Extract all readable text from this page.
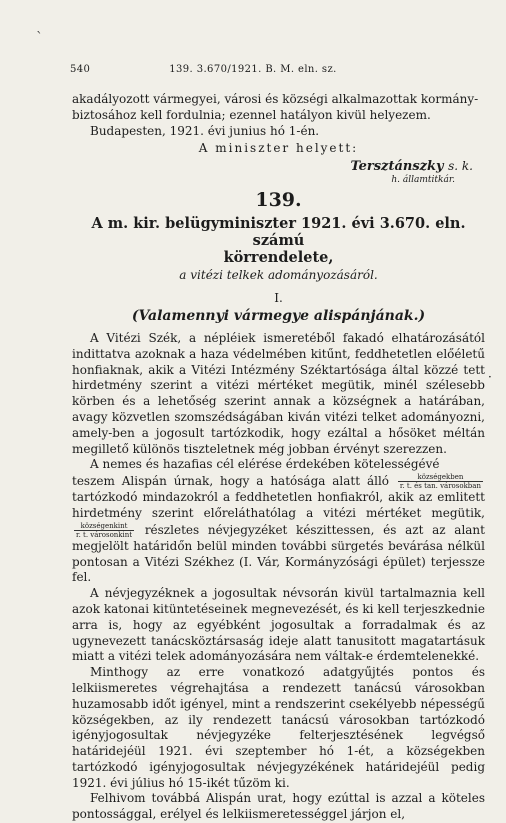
`
540	139. 3.670/1921. B. M. eln. sz.

akadályozott vármegyei, városi és községi alkalmazottak kormány-

biztosához kell fordulnia; ezennel hatályon kivül helyezem.

Budapesten, 1921. évi junius hó 1-én.

A miniszter helyett:

Tersztánszky s. k.

h. államtitkár.

139.

A m. kir. belügyminiszter 1921. évi 3.670. eln. számú

körrendelete,

a vitézi telkek adományozásáról.

I.

(Valamennyi vármegye alispánjának.)

A Vitézi Szék, a népléiek ismeretéből fakadó elhatározásától indittatva azoknak a haza védelmében kitűnt, feddhetetlen előéletű honfiaknak, akik a Vitézi Intézmény Széktartósága által közzé tett hirdetmény szerint a vitézi mértéket megütik, minél szélesebb körben és a lehetőség szerint annak a községnek a határában, avagy közvetlen szomszédságában kiván vitézi telket adományozni, amely-ben a jogosult tartózkodik, hogy ezáltal a hősöket méltán megillető különös tiszteletnek még jobban érvényt szerezzen.

A nemes és hazafias cél elérése érdekében kötelességévé

teszem Alispán úrnak, hogy a hatósága alatt álló	községekben
r. t. és tan. városokban
tartózkodó mindazokról a feddhetetlen honfiakról, akik az emlitett hirdetmény szerint előreláthatólag a vitézi mértéket megütik,
községenkint
r. t. városonkint részletes névjegyzéket készittessen, és azt az alant megjelölt határidőn belül minden további sürgetés bevárása nélkül pontosan a Vitézi Székhez (I. Vár, Kormányzósági épület) terjessze fel.

A névjegyzéknek a jogosultak névsorán kivül tartalmaznia kell azok katonai kitüntetéseinek megnevezését, és ki kell terjeszkednie arra is, hogy az egyébként jogosultak a forradalmak és az ugynevezett tanácsköztársaság ideje alatt tanusitott magatartásuk miatt a vitézi telek adományozására nem váltak-e érdemtelenekké.

Minthogy az erre vonatkozó adatgyűjtés pontos és lelkiismeretes végrehajtása a rendezett tanácsú városokban huzamosabb időt igényel, mint a rendszerint csekélyebb népességű községekben, az ily rendezett tanácsú városokban tartózkodó igényjogosultak névjegyzéke felterjesztésének legvégső határidejéül 1921. évi szeptember hó 1-ét, a községekben tartózkodó igényjogosultak névjegyzékének határidejéül pedig 1921. évi július hó 15-ikét tűzöm ki.

Felhivom továbbá Alispán urat, hogy ezúttal is azzal a köteles pontossággal, erélyel és lelkiismeretességgel járjon el,

·
